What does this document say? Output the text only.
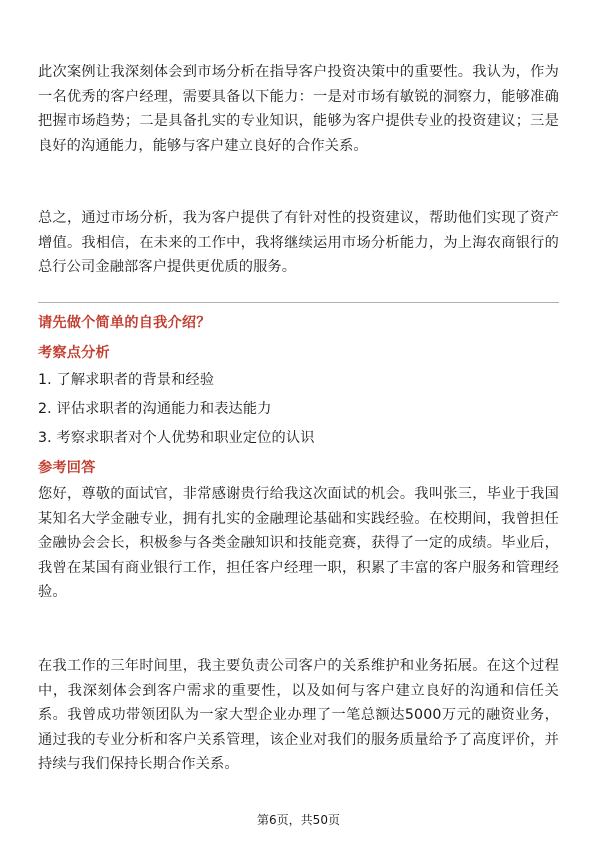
此次案例让我深刻体会到市场分析在指导客户投资决策中的重要性。我认为，作为一名优秀的客户经理，需要具备以下能力：一是对市场有敏锐的洞察力，能够准确把握市场趋势；二是具备扎实的专业知识，能够为客户提供专业的投资建议；三是良好的沟通能力，能够与客户建立良好的合作关系。

总之，通过市场分析，我为客户提供了有针对性的投资建议，帮助他们实现了资产增值。我相信，在未来的工作中，我将继续运用市场分析能力，为上海农商银行的总行公司金融部客户提供更优质的服务。

请先做个简单的自我介绍？
考察点分析
1. 了解求职者的背景和经验
2. 评估求职者的沟通能力和表达能力
3. 考察求职者对个人优势和职业定位的认识
参考回答

您好，尊敬的面试官，非常感谢贵行给我这次面试的机会。我叫张三，毕业于我国某知名大学金融专业，拥有扎实的金融理论基础和实践经验。在校期间，我曾担任金融协会会长，积极参与各类金融知识和技能竞赛，获得了一定的成绩。毕业后，我曾在某国有商业银行工作，担任客户经理一职，积累了丰富的客户服务和管理经验。

在我工作的三年时间里，我主要负责公司客户的关系维护和业务拓展。在这个过程中，我深刻体会到客户需求的重要性，以及如何与客户建立良好的沟通和信任关系。我曾成功带领团队为一家大型企业办理了一笔总额达5000万元的融资业务，通过我的专业分析和客户关系管理，该企业对我们的服务质量给予了高度评价，并持续与我们保持长期合作关系。

第6页，共50页
